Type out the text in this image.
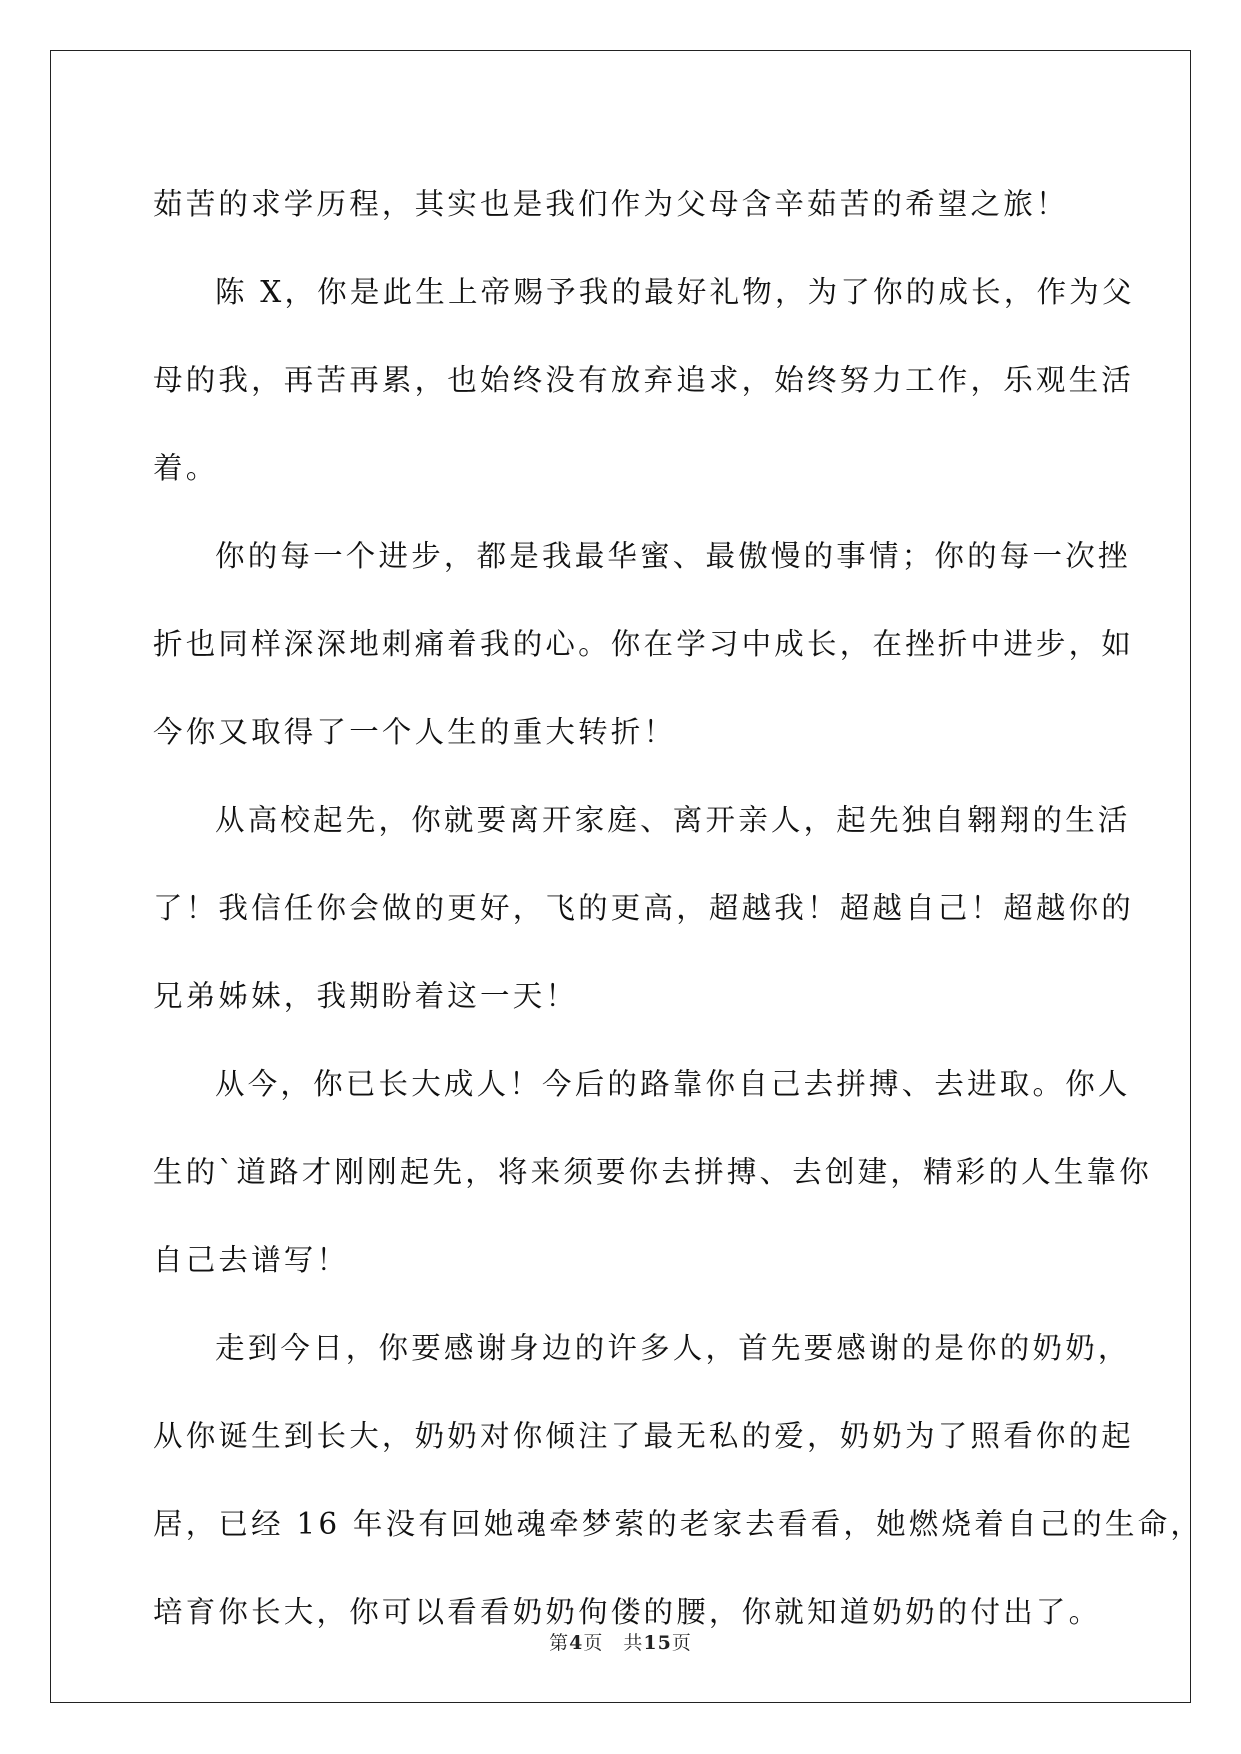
茹苦的求学历程，其实也是我们作为父母含辛茹苦的希望之旅！

陈 X，你是此生上帝赐予我的最好礼物，为了你的成长，作为父
母的我，再苦再累，也始终没有放弃追求，始终努力工作，乐观生活
着。

你的每一个进步，都是我最华蜜、最傲慢的事情；你的每一次挫
折也同样深深地刺痛着我的心。你在学习中成长，在挫折中进步，如
今你又取得了一个人生的重大转折！

从高校起先，你就要离开家庭、离开亲人，起先独自翱翔的生活
了！我信任你会做的更好，飞的更高，超越我！超越自己！超越你的
兄弟姊妹，我期盼着这一天！

从今，你已长大成人！今后的路靠你自己去拼搏、去进取。你人
生的`道路才刚刚起先，将来须要你去拼搏、去创建，精彩的人生靠你
自己去谱写！

走到今日，你要感谢身边的许多人，首先要感谢的是你的奶奶，
从你诞生到长大，奶奶对你倾注了最无私的爱，奶奶为了照看你的起
居，已经 16 年没有回她魂牵梦萦的老家去看看，她燃烧着自己的生命，
培育你长大，你可以看看奶奶佝偻的腰，你就知道奶奶的付出了。

第4页 共15页
